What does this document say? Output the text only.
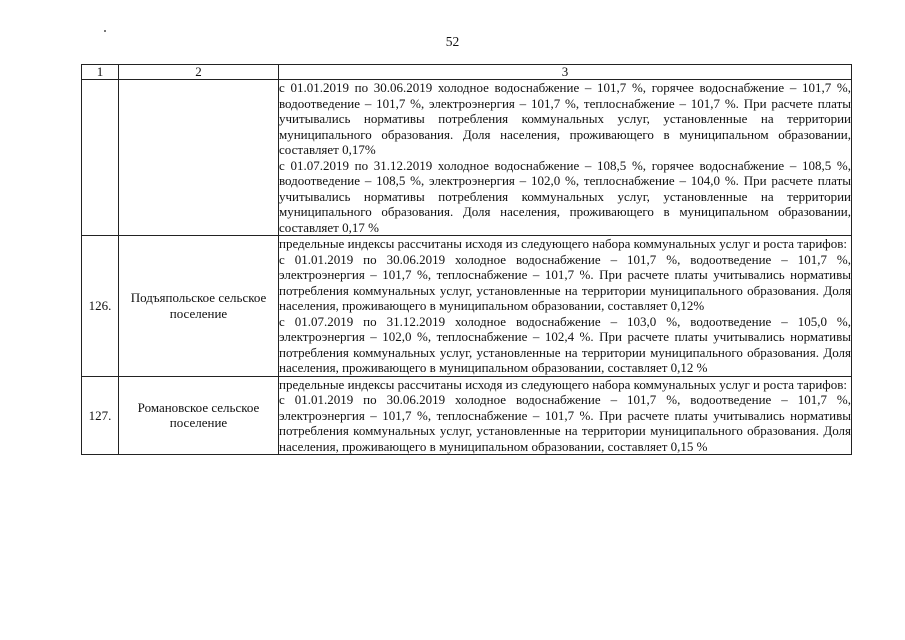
52
1	2	3

		с 01.01.2019 по 30.06.2019 холодное водоснабжение – 101,7 %, горячее водоснабжение – 101,7 %, водоотведение – 101,7 %, электроэнергия – 101,7 %, теплоснабжение – 101,7 %. При расчете платы учитывались нормативы потребления коммунальных услуг, установленные на территории муниципального образования. Доля населения, проживающего в муниципальном образовании, составляет 0,17%

с 01.07.2019 по 31.12.2019 холодное водоснабжение – 108,5 %, горячее водоснабжение – 108,5 %, водоотведение – 108,5 %, электроэнергия – 102,0 %, теплоснабжение – 104,0 %. При расчете платы учитывались нормативы потребления коммунальных услуг, установленные на территории муниципального образования. Доля населения, проживающего в муниципальном образовании, составляет 0,17 %

126.	Подъяпольское сельское поселение	предельные индексы рассчитаны исходя из следующего набора коммунальных услуг и роста тарифов:

с 01.01.2019 по 30.06.2019 холодное водоснабжение – 101,7 %, водоотведение – 101,7 %, электроэнергия – 101,7 %, теплоснабжение – 101,7 %. При расчете платы учитывались нормативы потребления коммунальных услуг, установленные на территории муниципального образования. Доля населения, проживающего в муниципальном образовании, составляет 0,12%

с 01.07.2019 по 31.12.2019 холодное водоснабжение – 103,0 %, водоотведение – 105,0 %, электроэнергия – 102,0 %, теплоснабжение – 102,4 %. При расчете платы учитывались нормативы потребления коммунальных услуг, установленные на территории муниципального образования. Доля населения, проживающего в муниципальном образовании, составляет 0,12 %

127.	Романовское сельское поселение	предельные индексы рассчитаны исходя из следующего набора коммунальных услуг и роста тарифов:

с 01.01.2019 по 30.06.2019 холодное водоснабжение – 101,7 %, водоотведение – 101,7 %, электроэнергия – 101,7 %, теплоснабжение – 101,7 %. При расчете платы учитывались нормативы потребления коммунальных услуг, установленные на территории муниципального образования. Доля населения, проживающего в муниципальном образовании, составляет 0,15 %
